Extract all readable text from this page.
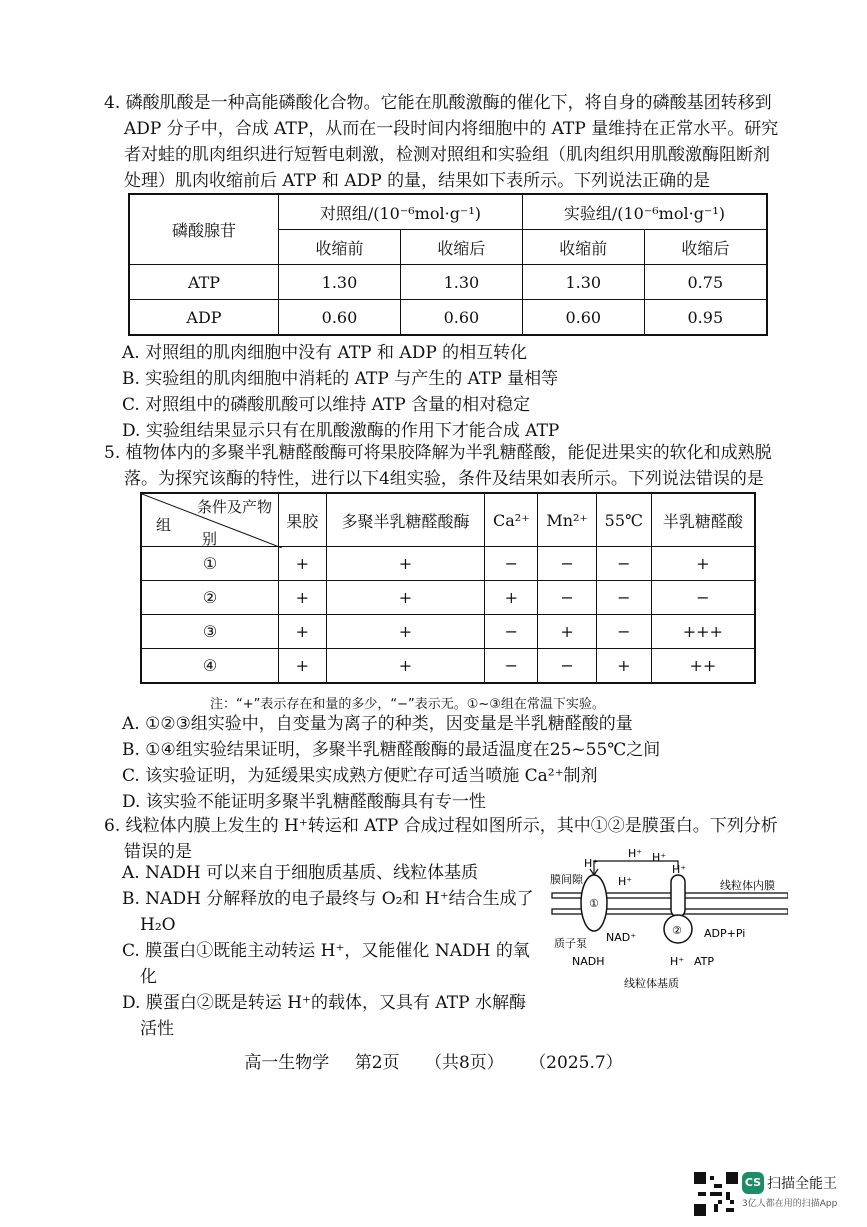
4. 磷酸肌酸是一种高能磷酸化合物。它能在肌酸激酶的催化下，将自身的磷酸基团转移到ADP 分子中，合成 ATP，从而在一段时间内将细胞中的 ATP 量维持在正常水平。研究者对蛙的肌肉组织进行短暂电刺激，检测对照组和实验组（肌肉组织用肌酸激酶阻断剂处理）肌肉收缩前后 ATP 和 ADP 的量，结果如下表所示。下列说法正确的是

磷酸腺苷	对照组/(10⁻⁶mol·g⁻¹)		实验组/(10⁻⁶mol·g⁻¹)	
	收缩前	收缩后	收缩前	收缩后
ATP	1.30	1.30	1.30	0.75
ADP	0.60	0.60	0.60	0.95

A. 对照组的肌肉细胞中没有 ATP 和 ADP 的相互转化

B. 实验组的肌肉细胞中消耗的 ATP 与产生的 ATP 量相等

C. 对照组中的磷酸肌酸可以维持 ATP 含量的相对稳定

D. 实验组结果显示只有在肌酸激酶的作用下才能合成 ATP

5. 植物体内的多聚半乳糖醛酸酶可将果胶降解为半乳糖醛酸，能促进果实的软化和成熟脱落。为探究该酶的特性，进行以下4组实验，条件及结果如表所示。下列说法错误的是

条件及产物
组
别	果胶	多聚半乳糖醛酸酶	Ca²⁺	Mn²⁺	55℃	半乳糖醛酸
①	+	+	−	−	−	+
②	+	+	+	−	−	−
③	+	+	−	+	−	+++
④	+	+	−	−	+	++
注：“+”表示存在和量的多少，“−”表示无。①~③组在常温下实验。

A. ①②③组实验中，自变量为离子的种类，因变量是半乳糖醛酸的量

B. ①④组实验结果证明，多聚半乳糖醛酸酶的最适温度在25~55℃之间

C. 该实验证明，为延缓果实成熟方便贮存可适当喷施 Ca²⁺制剂

D. 该实验不能证明多聚半乳糖醛酸酶具有专一性

6. 线粒体内膜上发生的 H⁺转运和 ATP 合成过程如图所示，其中①②是膜蛋白。下列分析错误的是

A. NADH 可以来自于细胞质基质、线粒体基质

B. NADH 分解释放的电子最终与 O₂和 H⁺结合生成了 H₂O

C. 膜蛋白①既能主动转运 H⁺，又能催化 NADH 的氧化

D. 膜蛋白②既是转运 H⁺的载体，又具有 ATP 水解酶活性

①
②
H⁺
H⁺ H⁺
H⁺
H⁺
膜间隙	线粒体内膜
质子泵 NAD⁺
NADH
ADP+Pi
H⁺ ATP
线粒体基质
高一生物学 第2页 （共8页） （2025.7）
CS 扫描全能王
3亿人都在用的扫描App
